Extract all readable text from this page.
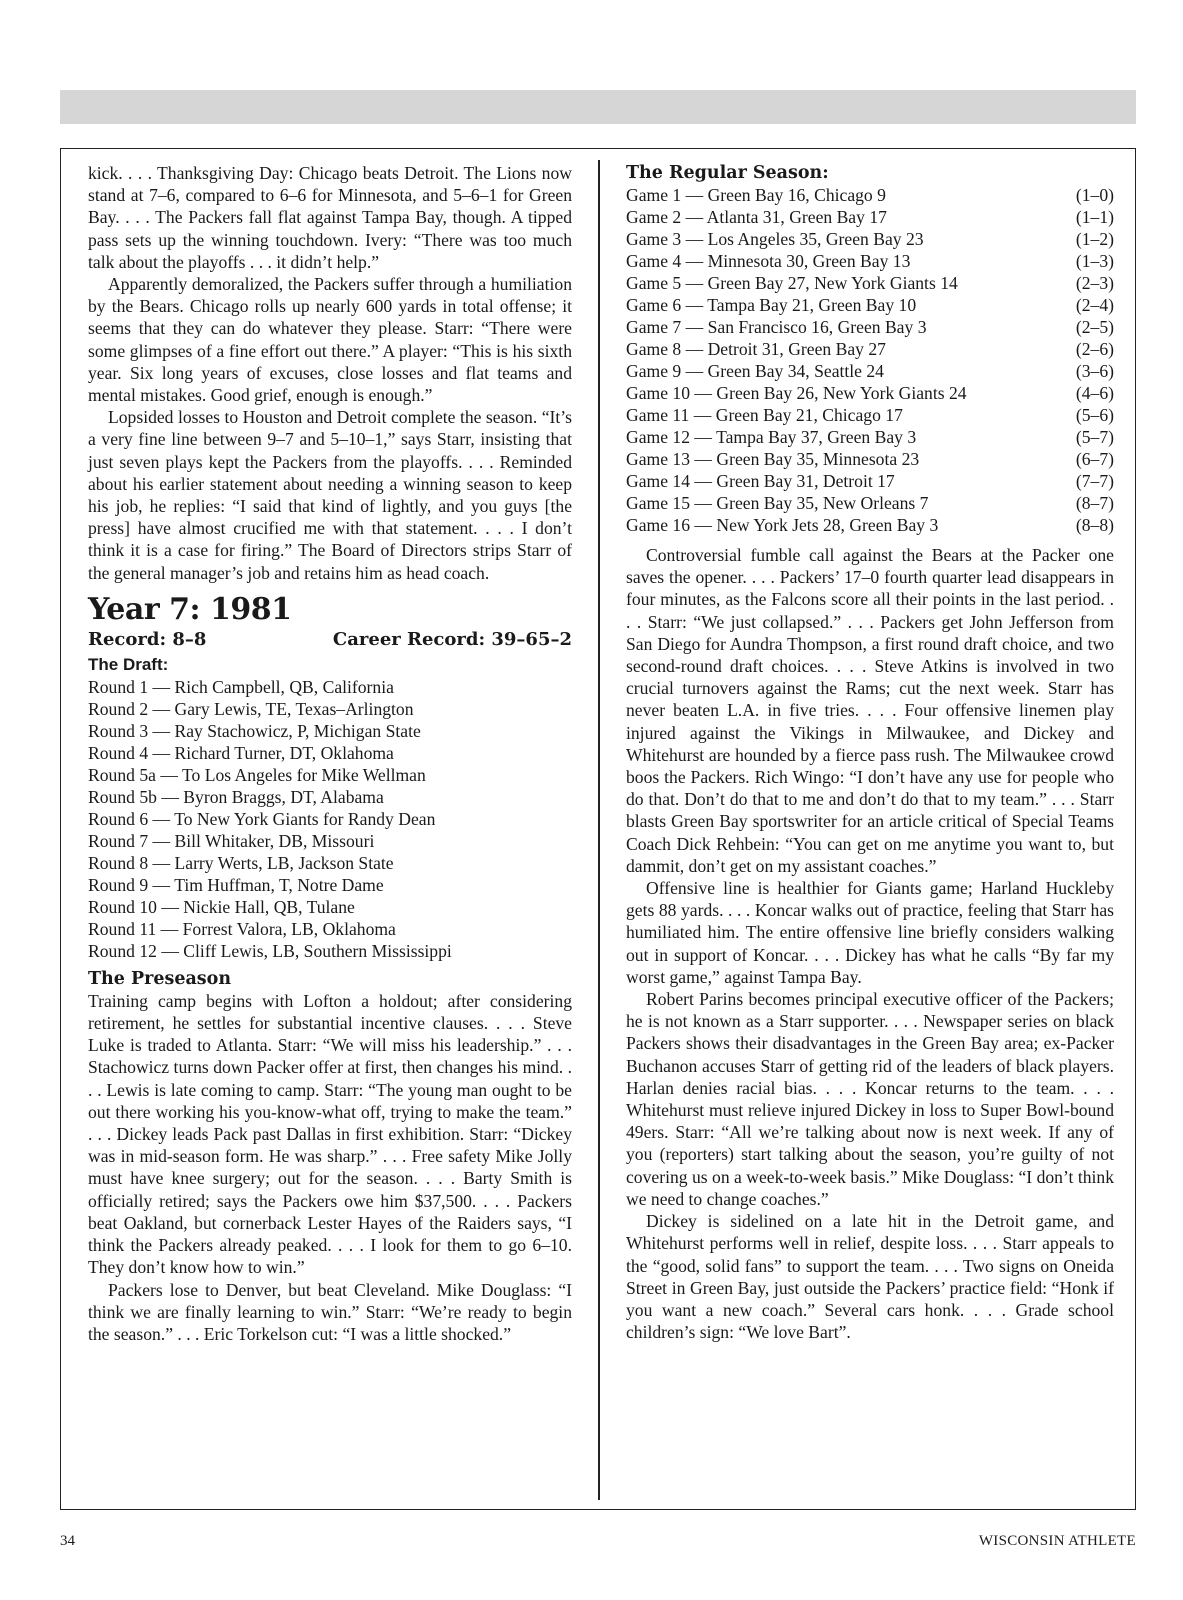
kick. . . . Thanksgiving Day: Chicago beats Detroit. The Lions now stand at 7–6, compared to 6–6 for Minnesota, and 5–6–1 for Green Bay. . . . The Packers fall flat against Tampa Bay, though. A tipped pass sets up the winning touchdown. Ivery: “There was too much talk about the playoffs . . . it didn’t help.”

Apparently demoralized, the Packers suffer through a humiliation by the Bears. Chicago rolls up nearly 600 yards in total offense; it seems that they can do whatever they please. Starr: “There were some glimpses of a fine effort out there.” A player: “This is his sixth year. Six long years of excuses, close losses and flat teams and mental mistakes. Good grief, enough is enough.”

Lopsided losses to Houston and Detroit complete the season. “It’s a very fine line between 9–7 and 5–10–1,” says Starr, insisting that just seven plays kept the Packers from the playoffs. . . . Reminded about his earlier statement about needing a winning season to keep his job, he replies: “I said that kind of lightly, and you guys [the press] have almost crucified me with that statement. . . . I don’t think it is a case for firing.” The Board of Directors strips Starr of the general manager’s job and retains him as head coach.

Year 7: 1981
Record: 8–8	Career Record: 39–65–2
The Draft:
Round 1 — Rich Campbell, QB, California
Round 2 — Gary Lewis, TE, Texas–Arlington
Round 3 — Ray Stachowicz, P, Michigan State
Round 4 — Richard Turner, DT, Oklahoma
Round 5a — To Los Angeles for Mike Wellman
Round 5b — Byron Braggs, DT, Alabama
Round 6 — To New York Giants for Randy Dean
Round 7 — Bill Whitaker, DB, Missouri
Round 8 — Larry Werts, LB, Jackson State
Round 9 — Tim Huffman, T, Notre Dame
Round 10 — Nickie Hall, QB, Tulane
Round 11 — Forrest Valora, LB, Oklahoma
Round 12 — Cliff Lewis, LB, Southern Mississippi
The Preseason

Training camp begins with Lofton a holdout; after considering retirement, he settles for substantial incentive clauses. . . . Steve Luke is traded to Atlanta. Starr: “We will miss his leadership.” . . . Stachowicz turns down Packer offer at first, then changes his mind. . . . Lewis is late coming to camp. Starr: “The young man ought to be out there working his you-know-what off, trying to make the team.” . . . Dickey leads Pack past Dallas in first exhibition. Starr: “Dickey was in mid-season form. He was sharp.” . . . Free safety Mike Jolly must have knee surgery; out for the season. . . . Barty Smith is officially retired; says the Packers owe him $37,500. . . . Packers beat Oakland, but cornerback Lester Hayes of the Raiders says, “I think the Packers already peaked. . . . I look for them to go 6–10. They don’t know how to win.”

Packers lose to Denver, but beat Cleveland. Mike Douglass: “I think we are finally learning to win.” Starr: “We’re ready to begin the season.” . . . Eric Torkelson cut: “I was a little shocked.”

The Regular Season:
Game 1 — Green Bay 16, Chicago 9	(1–0)
Game 2 — Atlanta 31, Green Bay 17	(1–1)
Game 3 — Los Angeles 35, Green Bay 23	(1–2)
Game 4 — Minnesota 30, Green Bay 13	(1–3)
Game 5 — Green Bay 27, New York Giants 14	(2–3)
Game 6 — Tampa Bay 21, Green Bay 10	(2–4)
Game 7 — San Francisco 16, Green Bay 3	(2–5)
Game 8 — Detroit 31, Green Bay 27	(2–6)
Game 9 — Green Bay 34, Seattle 24	(3–6)
Game 10 — Green Bay 26, New York Giants 24	(4–6)
Game 11 — Green Bay 21, Chicago 17	(5–6)
Game 12 — Tampa Bay 37, Green Bay 3	(5–7)
Game 13 — Green Bay 35, Minnesota 23	(6–7)
Game 14 — Green Bay 31, Detroit 17	(7–7)
Game 15 — Green Bay 35, New Orleans 7	(8–7)
Game 16 — New York Jets 28, Green Bay 3	(8–8)

Controversial fumble call against the Bears at the Packer one saves the opener. . . . Packers’ 17–0 fourth quarter lead disappears in four minutes, as the Falcons score all their points in the last period. . . . Starr: “We just collapsed.” . . . Packers get John Jefferson from San Diego for Aundra Thompson, a first round draft choice, and two second-round draft choices. . . . Steve Atkins is involved in two crucial turnovers against the Rams; cut the next week. Starr has never beaten L.A. in five tries. . . . Four offensive linemen play injured against the Vikings in Milwaukee, and Dickey and Whitehurst are hounded by a fierce pass rush. The Milwaukee crowd boos the Packers. Rich Wingo: “I don’t have any use for people who do that. Don’t do that to me and don’t do that to my team.” . . . Starr blasts Green Bay sportswriter for an article critical of Special Teams Coach Dick Rehbein: “You can get on me anytime you want to, but dammit, don’t get on my assistant coaches.”

Offensive line is healthier for Giants game; Harland Huckleby gets 88 yards. . . . Koncar walks out of practice, feeling that Starr has humiliated him. The entire offensive line briefly considers walking out in support of Koncar. . . . Dickey has what he calls “By far my worst game,” against Tampa Bay.

Robert Parins becomes principal executive officer of the Packers; he is not known as a Starr supporter. . . . Newspaper series on black Packers shows their disadvantages in the Green Bay area; ex-Packer Buchanon accuses Starr of getting rid of the leaders of black players. Harlan denies racial bias. . . . Koncar returns to the team. . . . Whitehurst must relieve injured Dickey in loss to Super Bowl-bound 49ers. Starr: “All we’re talking about now is next week. If any of you (reporters) start talking about the season, you’re guilty of not covering us on a week-to-week basis.” Mike Douglass: “I don’t think we need to change coaches.”

Dickey is sidelined on a late hit in the Detroit game, and Whitehurst performs well in relief, despite loss. . . . Starr appeals to the “good, solid fans” to support the team. . . . Two signs on Oneida Street in Green Bay, just outside the Packers’ practice field: “Honk if you want a new coach.” Several cars honk. . . . Grade school children’s sign: “We love Bart”.

34	WISCONSIN ATHLETE
